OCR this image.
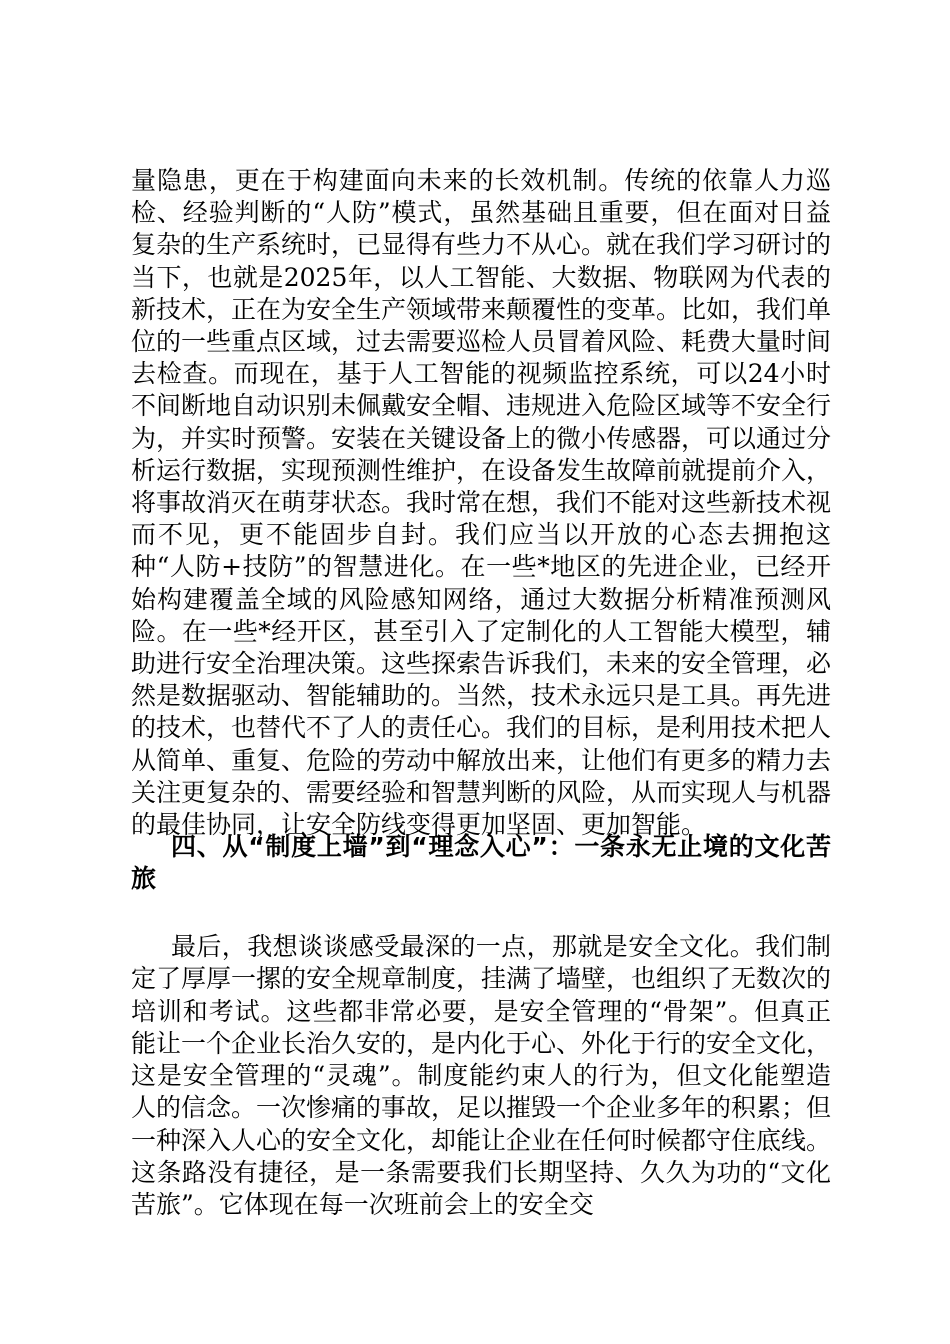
量隐患，更在于构建面向未来的长效机制。传统的依靠人力巡检、经验判断的“人防”模式，虽然基础且重要，但在面对日益复杂的生产系统时，已显得有些力不从心。就在我们学习研讨的当下，也就是2025年，以人工智能、大数据、物联网为代表的新技术，正在为安全生产领域带来颠覆性的变革。比如，我们单位的一些重点区域，过去需要巡检人员冒着风险、耗费大量时间去检查。而现在，基于人工智能的视频监控系统，可以24小时不间断地自动识别未佩戴安全帽、违规进入危险区域等不安全行为，并实时预警。安装在关键设备上的微小传感器，可以通过分析运行数据，实现预测性维护，在设备发生故障前就提前介入，将事故消灭在萌芽状态。我时常在想，我们不能对这些新技术视而不见，更不能固步自封。我们应当以开放的心态去拥抱这种“人防+技防”的智慧进化。在一些*地区的先进企业，已经开始构建覆盖全域的风险感知网络，通过大数据分析精准预测风险。在一些*经开区，甚至引入了定制化的人工智能大模型，辅助进行安全治理决策。这些探索告诉我们，未来的安全管理，必然是数据驱动、智能辅助的。当然，技术永远只是工具。再先进的技术，也替代不了人的责任心。我们的目标，是利用技术把人从简单、重复、危险的劳动中解放出来，让他们有更多的精力去关注更复杂的、需要经验和智慧判断的风险，从而实现人与机器的最佳协同，让安全防线变得更加坚固、更加智能。
四、从“制度上墙”到“理念入心”：一条永无止境的文化苦旅
最后，我想谈谈感受最深的一点，那就是安全文化。我们制定了厚厚一摞的安全规章制度，挂满了墙壁，也组织了无数次的培训和考试。这些都非常必要，是安全管理的“骨架”。但真正能让一个企业长治久安的，是内化于心、外化于行的安全文化，这是安全管理的“灵魂”。制度能约束人的行为，但文化能塑造人的信念。一次惨痛的事故，足以摧毁一个企业多年的积累；但一种深入人心的安全文化，却能让企业在任何时候都守住底线。这条路没有捷径，是一条需要我们长期坚持、久久为功的“文化苦旅”。它体现在每一次班前会上的安全交
